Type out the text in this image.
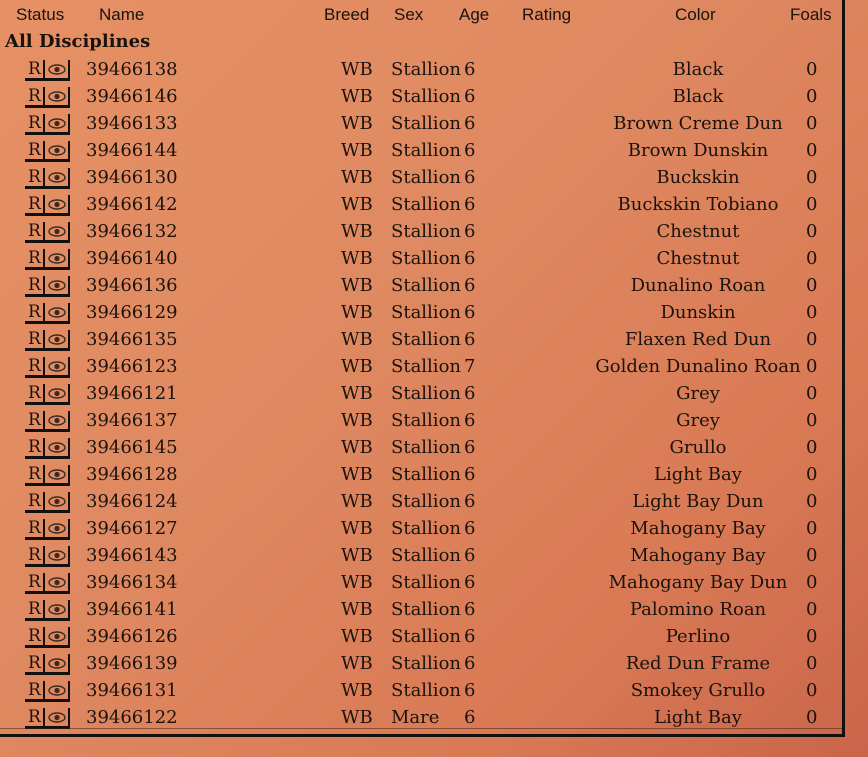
Status Name	Breed Sex Age Rating	Color	Foals
All Disciplines
R	39466138	WB Stallion 6	Black	0
R	39466146	WB Stallion 6	Black	0
R	39466133	WB Stallion 6	Brown Creme Dun	0
R	39466144	WB Stallion 6	Brown Dunskin	0
R	39466130	WB Stallion 6	Buckskin	0
R	39466142	WB Stallion 6	Buckskin Tobiano	0
R	39466132	WB Stallion 6	Chestnut	0
R	39466140	WB Stallion 6	Chestnut	0
R	39466136	WB Stallion 6	Dunalino Roan	0
R	39466129	WB Stallion 6	Dunskin	0
R	39466135	WB Stallion 6	Flaxen Red Dun	0
R	39466123	WB Stallion 7	Golden Dunalino Roan 0
R	39466121	WB Stallion 6	Grey	0
R	39466137	WB Stallion 6	Grey	0
R	39466145	WB Stallion 6	Grullo	0
R	39466128	WB Stallion 6	Light Bay	0
R	39466124	WB Stallion 6	Light Bay Dun	0
R	39466127	WB Stallion 6	Mahogany Bay	0
R	39466143	WB Stallion 6	Mahogany Bay	0
R	39466134	WB Stallion 6	Mahogany Bay Dun	0
R	39466141	WB Stallion 6	Palomino Roan	0
R	39466126	WB Stallion 6	Perlino	0
R	39466139	WB Stallion 6	Red Dun Frame	0
R	39466131	WB Stallion 6	Smokey Grullo	0
R	39466122	WB Mare 6	Light Bay	0
